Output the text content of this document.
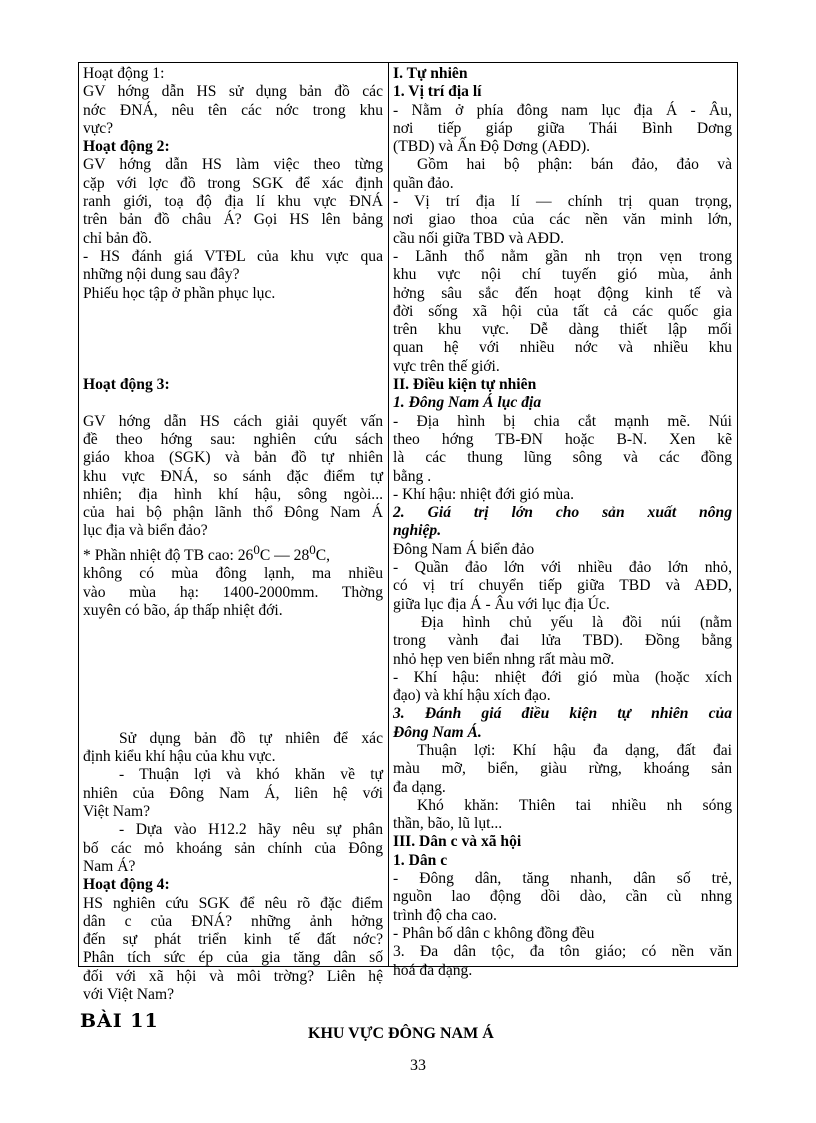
Hoạt động 1:
GV hớng dẫn HS sử dụng bản đồ các
nớc ĐNÁ, nêu tên các nớc trong khu
vực?
Hoạt động 2:
GV hớng dẫn HS làm việc theo từng
cặp với lợc đồ trong SGK để xác định
ranh giới, toạ độ địa lí khu vực ĐNÁ
trên bản đồ châu Á? Gọi HS lên bảng
chỉ bản đồ.
- HS đánh giá VTĐL của khu vực qua
những nội dung sau đây?
Phiếu học tập ở phần phục lục.
Hoạt động 3:
GV hớng dẫn HS cách giải quyết vấn
đề theo hớng sau: nghiên cứu sách
giáo khoa (SGK) và bản đồ tự nhiên
khu vực ĐNÁ, so sánh đặc điểm tự
nhiên; địa hình khí hậu, sông ngòi...
của hai bộ phận lãnh thổ Đông Nam Á
lục địa và biển đảo?
* Phần nhiệt độ TB cao: $26^0C$ — $28^0C$,
không có mùa đông lạnh, ma nhiều
vào mùa hạ: 1400-2000mm. Thờng
xuyên có bão, áp thấp nhiệt đới.
Sử dụng bản đồ tự nhiên để xác
định kiểu khí hậu của khu vực.
- Thuận lợi và khó khăn về tự
nhiên của Đông Nam Á, liên hệ với
Việt Nam?
- Dựa vào H12.2 hãy nêu sự phân
bố các mỏ khoáng sản chính của Đông
Nam Á?
Hoạt động 4:
HS nghiên cứu SGK để nêu rõ đặc điểm
dân c của ĐNÁ? những ảnh hởng
đến sự phát triển kinh tế đất nớc?
Phân tích sức ép của gia tăng dân số
đối với xã hội và môi trờng? Liên hệ
với Việt Nam?
I. Tự nhiên
1. Vị trí địa lí
- Nằm ở phía đông nam lục địa Á - Âu,
nơi tiếp giáp giữa Thái Bình Dơng
(TBD) và Ấn Độ Dơng (AĐD).
Gồm hai bộ phận: bán đảo, đảo và
quần đảo.
- Vị trí địa lí — chính trị quan trọng,
nơi giao thoa của các nền văn minh lớn,
cầu nối giữa TBD và AĐD.
- Lãnh thổ nằm gần nh trọn vẹn trong
khu vực nội chí tuyến gió mùa, ảnh
hởng sâu sắc đến hoạt động kinh tế và
đời sống xã hội của tất cả các quốc gia
trên khu vực. Dễ dàng thiết lập mối
quan hệ với nhiều nớc và nhiều khu
vực trên thế giới.
II. Điều kiện tự nhiên
1. Đông Nam Á lục địa
- Địa hình bị chia cắt mạnh mẽ. Núi
theo hớng TB-ĐN hoặc B-N. Xen kẽ
là các thung lũng sông và các đồng
bằng .
- Khí hậu: nhiệt đới gió mùa.
2. Giá trị lớn cho sản xuất nông
nghiệp.
Đông Nam Á biển đảo
- Quần đảo lớn với nhiều đảo lớn nhỏ,
có vị trí chuyển tiếp giữa TBD và AĐD,
giữa lục địa Á - Âu với lục địa Úc.
Địa hình chủ yếu là đồi núi (nằm
trong vành đai lửa TBD). Đồng bằng
nhỏ hẹp ven biển nhng rất màu mỡ.
- Khí hậu: nhiệt đới gió mùa (hoặc xích
đạo) và khí hậu xích đạo.
3. Đánh giá điều kiện tự nhiên của
Đông Nam Á.
Thuận lợi: Khí hậu đa dạng, đất đai
màu mỡ, biển, giàu rừng, khoáng sản
đa dạng.
Khó khăn: Thiên tai nhiều nh sóng
thần, bão, lũ lụt...
III. Dân c và xã hội
1. Dân c
- Đông dân, tăng nhanh, dân số trẻ,
nguồn lao động dồi dào, cần cù nhng
trình độ cha cao.
- Phân bố dân c không đồng đều
3. Đa dân tộc, đa tôn giáo; có nền văn
hoá đa dạng.
BÀI 11
KHU VỰC ĐÔNG NAM Á
33
